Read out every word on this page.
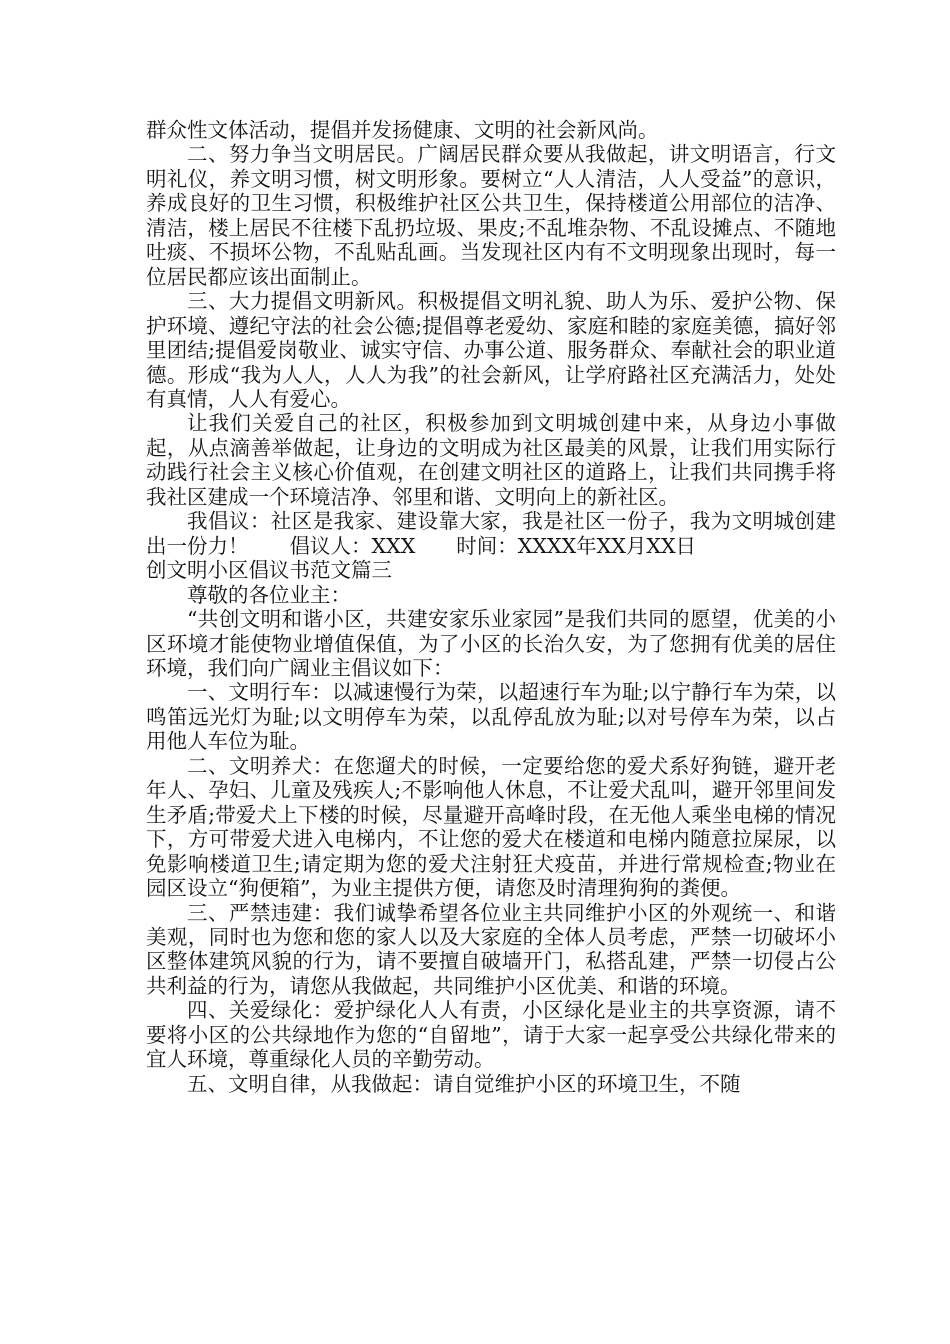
群众性文体活动，提倡并发扬健康、文明的社会新风尚。

二、努力争当文明居民。广阔居民群众要从我做起，讲文明语言，行文明礼仪，养文明习惯，树文明形象。要树立“人人清洁，人人受益”的意识，养成良好的卫生习惯，积极维护社区公共卫生，保持楼道公用部位的洁净、清洁，楼上居民不往楼下乱扔垃圾、果皮;不乱堆杂物、不乱设摊点、不随地吐痰、不损坏公物，不乱贴乱画。当发现社区内有不文明现象出现时，每一位居民都应该出面制止。

三、大力提倡文明新风。积极提倡文明礼貌、助人为乐、爱护公物、保护环境、遵纪守法的社会公德;提倡尊老爱幼、家庭和睦的家庭美德，搞好邻里团结;提倡爱岗敬业、诚实守信、办事公道、服务群众、奉献社会的职业道德。形成“我为人人，人人为我”的社会新风，让学府路社区充满活力，处处有真情，人人有爱心。

让我们关爱自己的社区，积极参加到文明城创建中来，从身边小事做起，从点滴善举做起，让身边的文明成为社区最美的风景，让我们用实际行动践行社会主义核心价值观，在创建文明社区的道路上，让我们共同携手将我社区建成一个环境洁净、邻里和谐、文明向上的新社区。

我倡议：社区是我家、建设靠大家，我是社区一份子，我为文明城创建出一份力！　　倡议人：XXX　　时间：XXXX年XX月XX日

创文明小区倡议书范文篇三

尊敬的各位业主：

“共创文明和谐小区，共建安家乐业家园”是我们共同的愿望，优美的小区环境才能使物业增值保值，为了小区的长治久安，为了您拥有优美的居住环境，我们向广阔业主倡议如下：

一、文明行车：以减速慢行为荣，以超速行车为耻;以宁静行车为荣，以鸣笛远光灯为耻;以文明停车为荣，以乱停乱放为耻;以对号停车为荣，以占用他人车位为耻。

二、文明养犬：在您遛犬的时候，一定要给您的爱犬系好狗链，避开老年人、孕妇、儿童及残疾人;不影响他人休息，不让爱犬乱叫，避开邻里间发生矛盾;带爱犬上下楼的时候，尽量避开高峰时段，在无他人乘坐电梯的情况下，方可带爱犬进入电梯内，不让您的爱犬在楼道和电梯内随意拉屎尿，以免影响楼道卫生;请定期为您的爱犬注射狂犬疫苗，并进行常规检查;物业在园区设立“狗便箱”，为业主提供方便，请您及时清理狗狗的粪便。

三、严禁违建：我们诚挚希望各位业主共同维护小区的外观统一、和谐美观，同时也为您和您的家人以及大家庭的全体人员考虑，严禁一切破坏小区整体建筑风貌的行为，请不要擅自破墙开门，私搭乱建，严禁一切侵占公共利益的行为，请您从我做起，共同维护小区优美、和谐的环境。

四、关爱绿化：爱护绿化人人有责，小区绿化是业主的共享资源，请不要将小区的公共绿地作为您的“自留地”，请于大家一起享受公共绿化带来的宜人环境，尊重绿化人员的辛勤劳动。

五、文明自律，从我做起：请自觉维护小区的环境卫生，不随
